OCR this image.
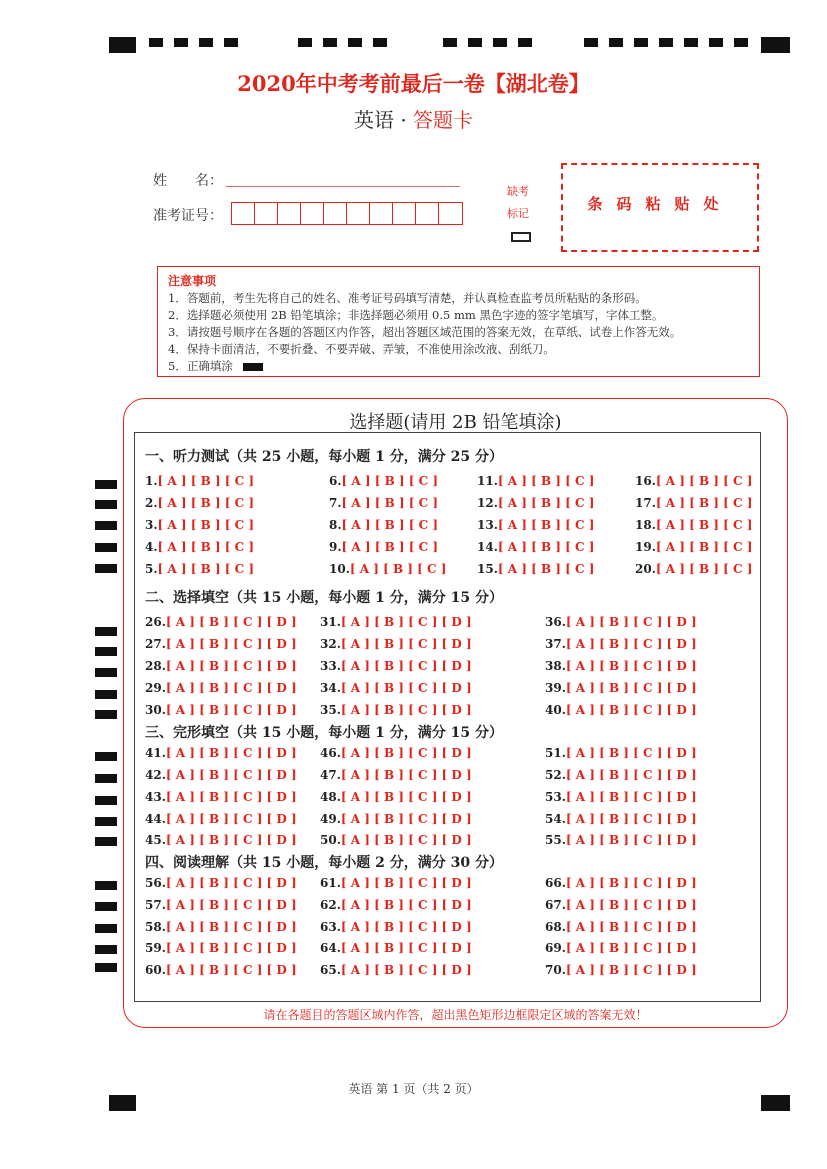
2020年中考考前最后一卷【湖北卷】
英语 · 答题卡
姓　　名：
准考证号：
缺考
标记
条码粘贴处
注意事项
1．答题前，考生先将自己的姓名、准考证号码填写清楚，并认真检查监考员所粘贴的条形码。
2．选择题必须使用 2B 铅笔填涂；非选择题必须用 0.5 mm 黑色字迹的签字笔填写，字体工整。
3．请按题号顺序在各题的答题区内作答，超出答题区域范围的答案无效，在草纸、试卷上作答无效。
4．保持卡面清洁，不要折叠、不要弄破、弄皱，不准使用涂改液、刮纸刀。
5．正确填涂
选择题(请用 2B 铅笔填涂)
一、听力测试（共 25 小题，每小题 1 分，满分 25 分）
二、选择填空（共 15 小题，每小题 1 分，满分 15 分）
三、完形填空（共 15 小题，每小题 1 分，满分 15 分）
四、阅读理解（共 15 小题，每小题 2 分，满分 30 分）
1.[ A ] [ B ] [ C ]
2.[ A ] [ B ] [ C ]
3.[ A ] [ B ] [ C ]
4.[ A ] [ B ] [ C ]
5.[ A ] [ B ] [ C ]
6.[ A ] [ B ] [ C ]
7.[ A ] [ B ] [ C ]
8.[ A ] [ B ] [ C ]
9.[ A ] [ B ] [ C ]
10.[ A ] [ B ] [ C ]
11.[ A ] [ B ] [ C ]
12.[ A ] [ B ] [ C ]
13.[ A ] [ B ] [ C ]
14.[ A ] [ B ] [ C ]
15.[ A ] [ B ] [ C ]
16.[ A ] [ B ] [ C ]
17.[ A ] [ B ] [ C ]
18.[ A ] [ B ] [ C ]
19.[ A ] [ B ] [ C ]
20.[ A ] [ B ] [ C ]
26.[ A ] [ B ] [ C ] [ D ]
27.[ A ] [ B ] [ C ] [ D ]
28.[ A ] [ B ] [ C ] [ D ]
29.[ A ] [ B ] [ C ] [ D ]
30.[ A ] [ B ] [ C ] [ D ]
31.[ A ] [ B ] [ C ] [ D ]
32.[ A ] [ B ] [ C ] [ D ]
33.[ A ] [ B ] [ C ] [ D ]
34.[ A ] [ B ] [ C ] [ D ]
35.[ A ] [ B ] [ C ] [ D ]
36.[ A ] [ B ] [ C ] [ D ]
37.[ A ] [ B ] [ C ] [ D ]
38.[ A ] [ B ] [ C ] [ D ]
39.[ A ] [ B ] [ C ] [ D ]
40.[ A ] [ B ] [ C ] [ D ]
41.[ A ] [ B ] [ C ] [ D ]
42.[ A ] [ B ] [ C ] [ D ]
43.[ A ] [ B ] [ C ] [ D ]
44.[ A ] [ B ] [ C ] [ D ]
45.[ A ] [ B ] [ C ] [ D ]
46.[ A ] [ B ] [ C ] [ D ]
47.[ A ] [ B ] [ C ] [ D ]
48.[ A ] [ B ] [ C ] [ D ]
49.[ A ] [ B ] [ C ] [ D ]
50.[ A ] [ B ] [ C ] [ D ]
51.[ A ] [ B ] [ C ] [ D ]
52.[ A ] [ B ] [ C ] [ D ]
53.[ A ] [ B ] [ C ] [ D ]
54.[ A ] [ B ] [ C ] [ D ]
55.[ A ] [ B ] [ C ] [ D ]
56.[ A ] [ B ] [ C ] [ D ]
57.[ A ] [ B ] [ C ] [ D ]
58.[ A ] [ B ] [ C ] [ D ]
59.[ A ] [ B ] [ C ] [ D ]
60.[ A ] [ B ] [ C ] [ D ]
61.[ A ] [ B ] [ C ] [ D ]
62.[ A ] [ B ] [ C ] [ D ]
63.[ A ] [ B ] [ C ] [ D ]
64.[ A ] [ B ] [ C ] [ D ]
65.[ A ] [ B ] [ C ] [ D ]
66.[ A ] [ B ] [ C ] [ D ]
67.[ A ] [ B ] [ C ] [ D ]
68.[ A ] [ B ] [ C ] [ D ]
69.[ A ] [ B ] [ C ] [ D ]
70.[ A ] [ B ] [ C ] [ D ]
请在各题目的答题区域内作答，超出黑色矩形边框限定区域的答案无效！
英语 第 1 页（共 2 页）
